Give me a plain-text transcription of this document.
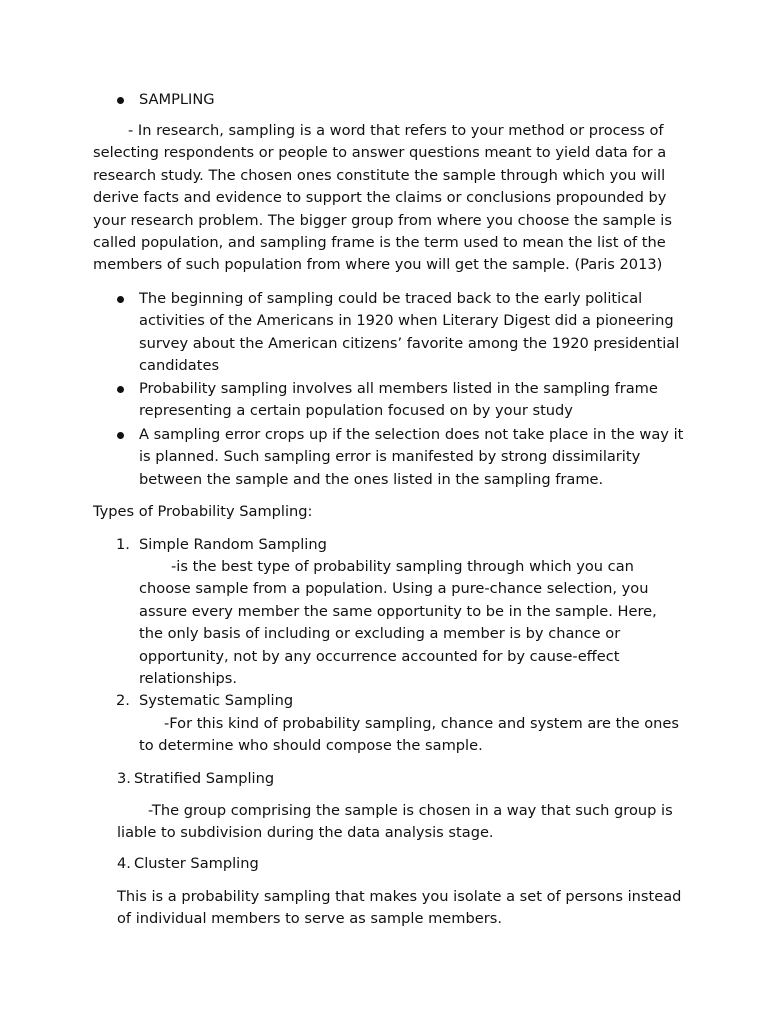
SAMPLING
- In research, sampling is a word that refers to your method or process of selecting respondents or people to answer questions meant to yield data for a research study. The chosen ones constitute the sample through which you will derive facts and evidence to support the claims or conclusions propounded by your research problem. The bigger group from where you choose the sample is called population, and sampling frame is the term used to mean the list of the members of such population from where you will get the sample. (Paris 2013)
The beginning of sampling could be traced back to the early political activities of the Americans in 1920 when Literary Digest did a pioneering survey about the American citizens’ favorite among the 1920 presidential candidates
Probability sampling involves all members listed in the sampling frame representing a certain population focused on by your study
A sampling error crops up if the selection does not take place in the way it is planned. Such sampling error is manifested by strong dissimilarity between the sample and the ones listed in the sampling frame.
Types of Probability Sampling:
1. Simple Random Sampling
-is the best type of probability sampling through which you can choose sample from a population. Using a pure-chance selection, you assure every member the same opportunity to be in the sample. Here, the only basis of including or excluding a member is by chance or opportunity, not by any occurrence accounted for by cause-effect relationships.
2. Systematic Sampling
-For this kind of probability sampling, chance and system are the ones to determine who should compose the sample.
3. Stratified Sampling
-The group comprising the sample is chosen in a way that such group is liable to subdivision during the data analysis stage.
4. Cluster Sampling
This is a probability sampling that makes you isolate a set of persons instead of individual members to serve as sample members.
